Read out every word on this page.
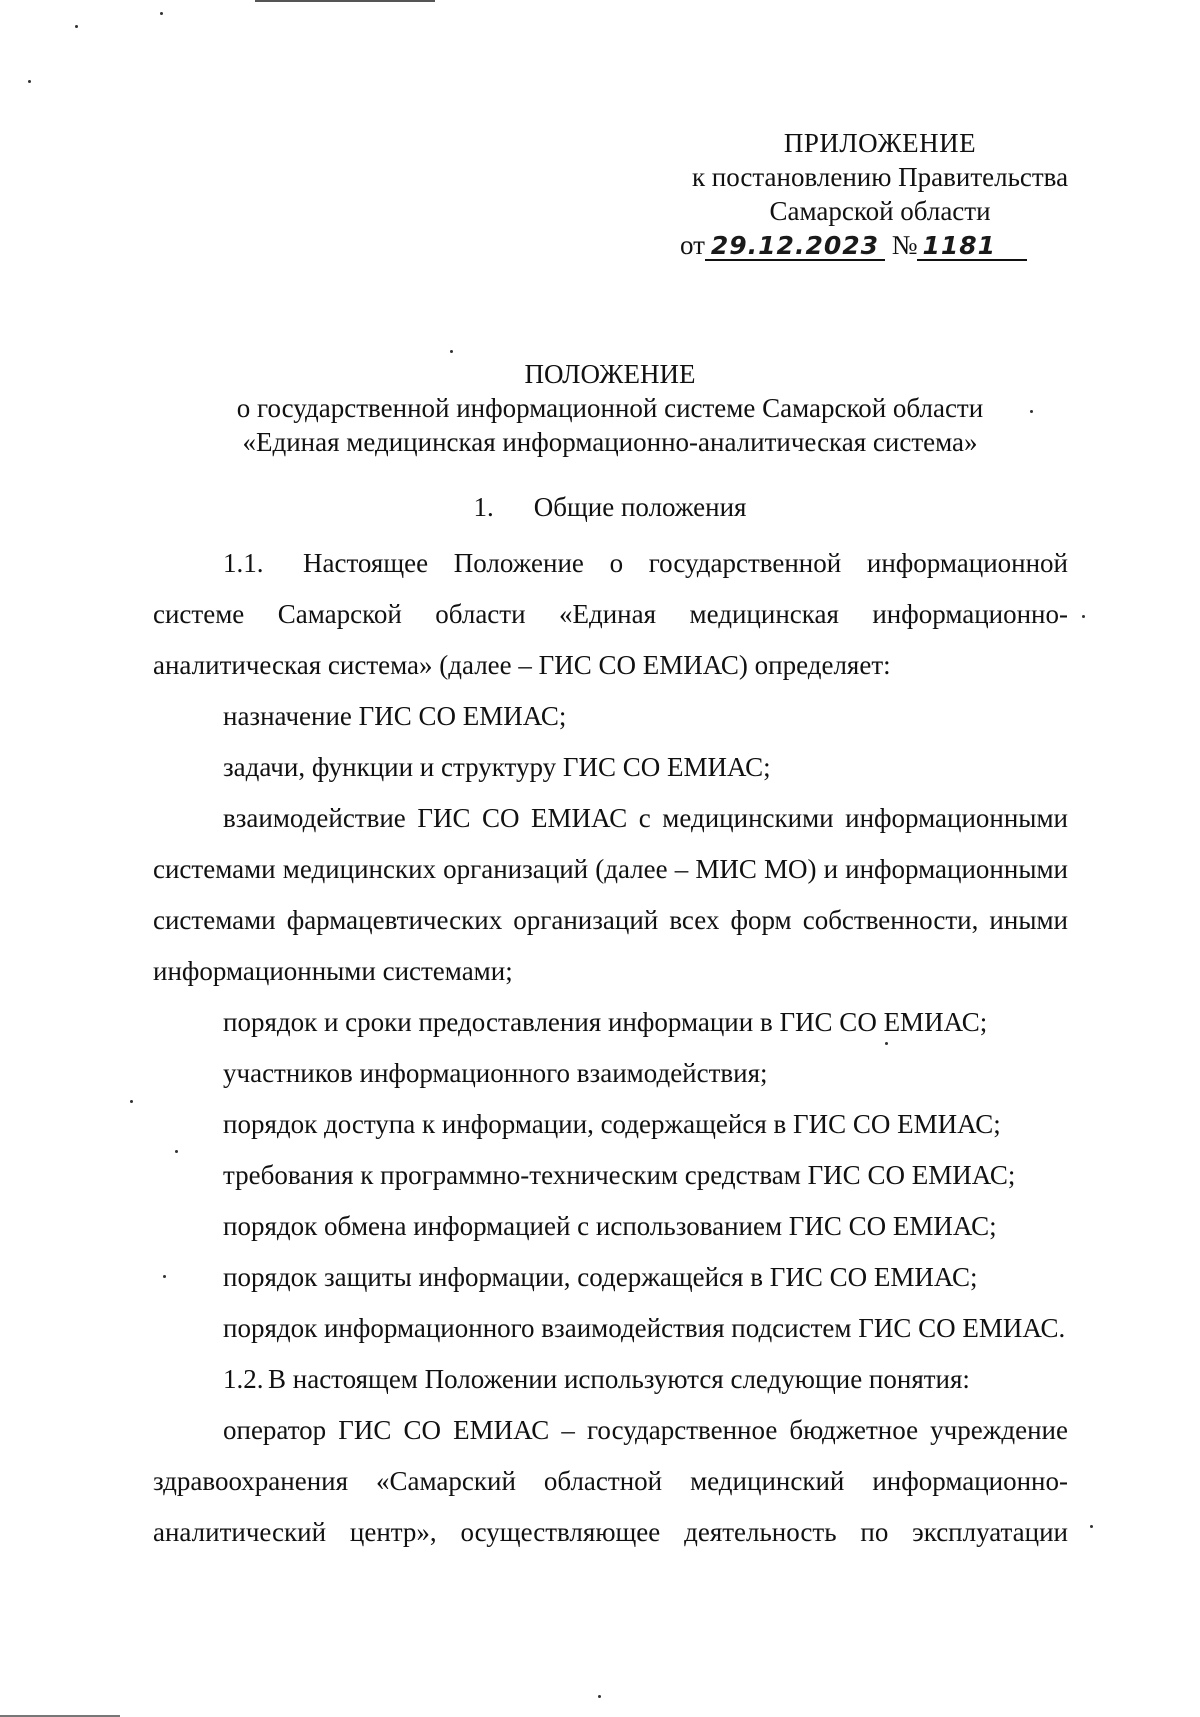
ПРИЛОЖЕНИЕ
к постановлению Правительства
Самарской области
от 29.12.2023 № 1181
ПОЛОЖЕНИЕ
о государственной информационной системе Самарской области
«Единая медицинская информационно-аналитическая система»
1. Общие положения

1.1. Настоящее Положение о государственной информационной системе Самарской области «Единая медицинская информационно-аналитическая система» (далее – ГИС СО ЕМИАС) определяет:

назначение ГИС СО ЕМИАС;

задачи, функции и структуру ГИС СО ЕМИАС;

взаимодействие ГИС СО ЕМИАС с медицинскими информационными системами медицинских организаций (далее – МИС МО) и информационными системами фармацевтических организаций всех форм собственности, иными информационными системами;

порядок и сроки предоставления информации в ГИС СО ЕМИАС;

участников информационного взаимодействия;

порядок доступа к информации, содержащейся в ГИС СО ЕМИАС;

требования к программно-техническим средствам ГИС СО ЕМИАС;

порядок обмена информацией с использованием ГИС СО ЕМИАС;

порядок защиты информации, содержащейся в ГИС СО ЕМИАС;

порядок информационного взаимодействия подсистем ГИС СО ЕМИАС.

1.2. В настоящем Положении используются следующие понятия:

оператор ГИС СО ЕМИАС – государственное бюджетное учреждение здравоохранения «Самарский областной медицинский информационно-аналитический центр», осуществляющее деятельность по эксплуатации
